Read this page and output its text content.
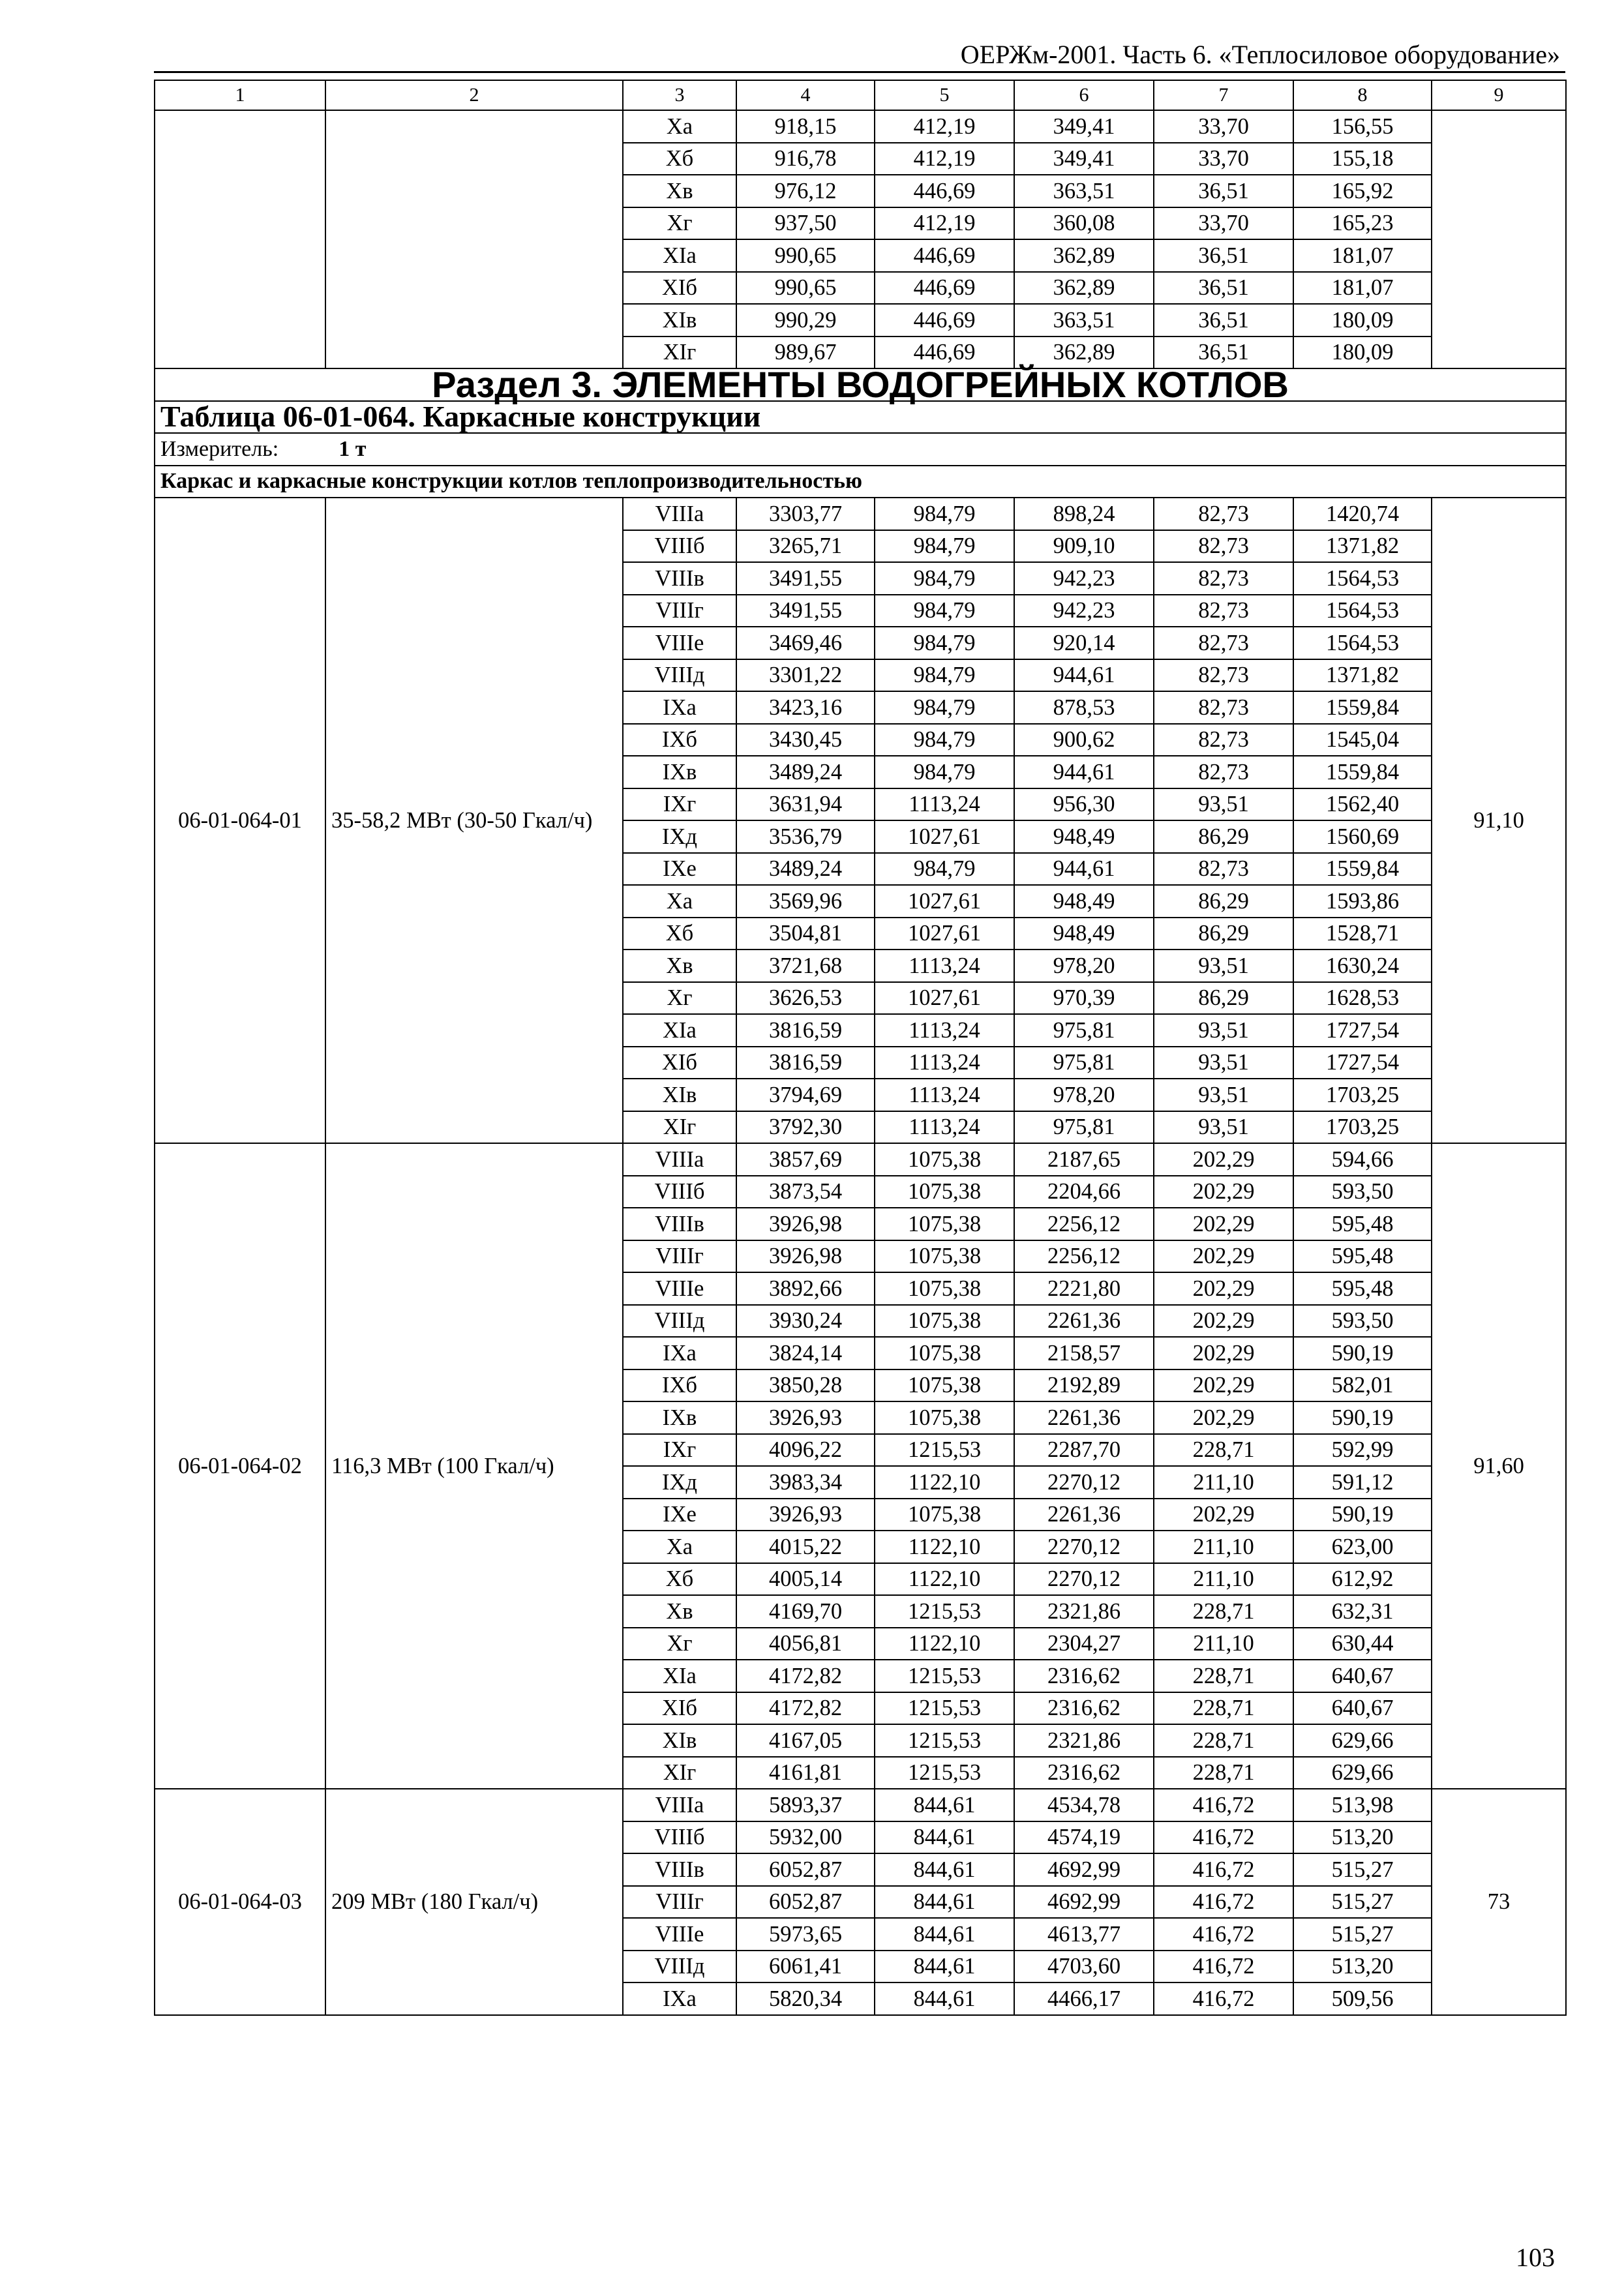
ОЕРЖм-2001. Часть 6. «Теплосиловое оборудование»
1	2	3	4	5	6	7	8	9
		Xа	918,15	412,19	349,41	33,70	156,55	
		Xб	916,78	412,19	349,41	33,70	155,18	
		Xв	976,12	446,69	363,51	36,51	165,92	
		Xг	937,50	412,19	360,08	33,70	165,23	
		XIа	990,65	446,69	362,89	36,51	181,07	
		XIб	990,65	446,69	362,89	36,51	181,07	
		XIв	990,29	446,69	363,51	36,51	180,09	
		XIг	989,67	446,69	362,89	36,51	180,09	
Раздел 3. ЭЛЕМЕНТЫ ВОДОГРЕЙНЫХ КОТЛОВ								
Таблица 06-01-064. Каркасные конструкции								
Измеритель: 1 т								
Каркас и каркасные конструкции котлов теплопроизводительностью								
06-01-064-01	35-58,2 МВт (30-50 Гкал/ч)	VIIIа	3303,77	984,79	898,24	82,73	1420,74	91,10
		VIIIб	3265,71	984,79	909,10	82,73	1371,82	
		VIIIв	3491,55	984,79	942,23	82,73	1564,53	
		VIIIг	3491,55	984,79	942,23	82,73	1564,53	
		VIIIе	3469,46	984,79	920,14	82,73	1564,53	
		VIIIд	3301,22	984,79	944,61	82,73	1371,82	
		IXа	3423,16	984,79	878,53	82,73	1559,84	
		IXб	3430,45	984,79	900,62	82,73	1545,04	
		IXв	3489,24	984,79	944,61	82,73	1559,84	
		IXг	3631,94	1113,24	956,30	93,51	1562,40	
		IXд	3536,79	1027,61	948,49	86,29	1560,69	
		IXе	3489,24	984,79	944,61	82,73	1559,84	
		Xа	3569,96	1027,61	948,49	86,29	1593,86	
		Xб	3504,81	1027,61	948,49	86,29	1528,71	
		Xв	3721,68	1113,24	978,20	93,51	1630,24	
		Xг	3626,53	1027,61	970,39	86,29	1628,53	
		XIа	3816,59	1113,24	975,81	93,51	1727,54	
		XIб	3816,59	1113,24	975,81	93,51	1727,54	
		XIв	3794,69	1113,24	978,20	93,51	1703,25	
		XIг	3792,30	1113,24	975,81	93,51	1703,25	
06-01-064-02	116,3 МВт (100 Гкал/ч)	VIIIа	3857,69	1075,38	2187,65	202,29	594,66	91,60
		VIIIб	3873,54	1075,38	2204,66	202,29	593,50	
		VIIIв	3926,98	1075,38	2256,12	202,29	595,48	
		VIIIг	3926,98	1075,38	2256,12	202,29	595,48	
		VIIIе	3892,66	1075,38	2221,80	202,29	595,48	
		VIIIд	3930,24	1075,38	2261,36	202,29	593,50	
		IXа	3824,14	1075,38	2158,57	202,29	590,19	
		IXб	3850,28	1075,38	2192,89	202,29	582,01	
		IXв	3926,93	1075,38	2261,36	202,29	590,19	
		IXг	4096,22	1215,53	2287,70	228,71	592,99	
		IXд	3983,34	1122,10	2270,12	211,10	591,12	
		IXе	3926,93	1075,38	2261,36	202,29	590,19	
		Xа	4015,22	1122,10	2270,12	211,10	623,00	
		Xб	4005,14	1122,10	2270,12	211,10	612,92	
		Xв	4169,70	1215,53	2321,86	228,71	632,31	
		Xг	4056,81	1122,10	2304,27	211,10	630,44	
		XIа	4172,82	1215,53	2316,62	228,71	640,67	
		XIб	4172,82	1215,53	2316,62	228,71	640,67	
		XIв	4167,05	1215,53	2321,86	228,71	629,66	
		XIг	4161,81	1215,53	2316,62	228,71	629,66	
06-01-064-03	209 МВт (180 Гкал/ч)	VIIIа	5893,37	844,61	4534,78	416,72	513,98	73
		VIIIб	5932,00	844,61	4574,19	416,72	513,20	
		VIIIв	6052,87	844,61	4692,99	416,72	515,27	
		VIIIг	6052,87	844,61	4692,99	416,72	515,27	
		VIIIе	5973,65	844,61	4613,77	416,72	515,27	
		VIIIд	6061,41	844,61	4703,60	416,72	513,20	
		IXа	5820,34	844,61	4466,17	416,72	509,56	
103
